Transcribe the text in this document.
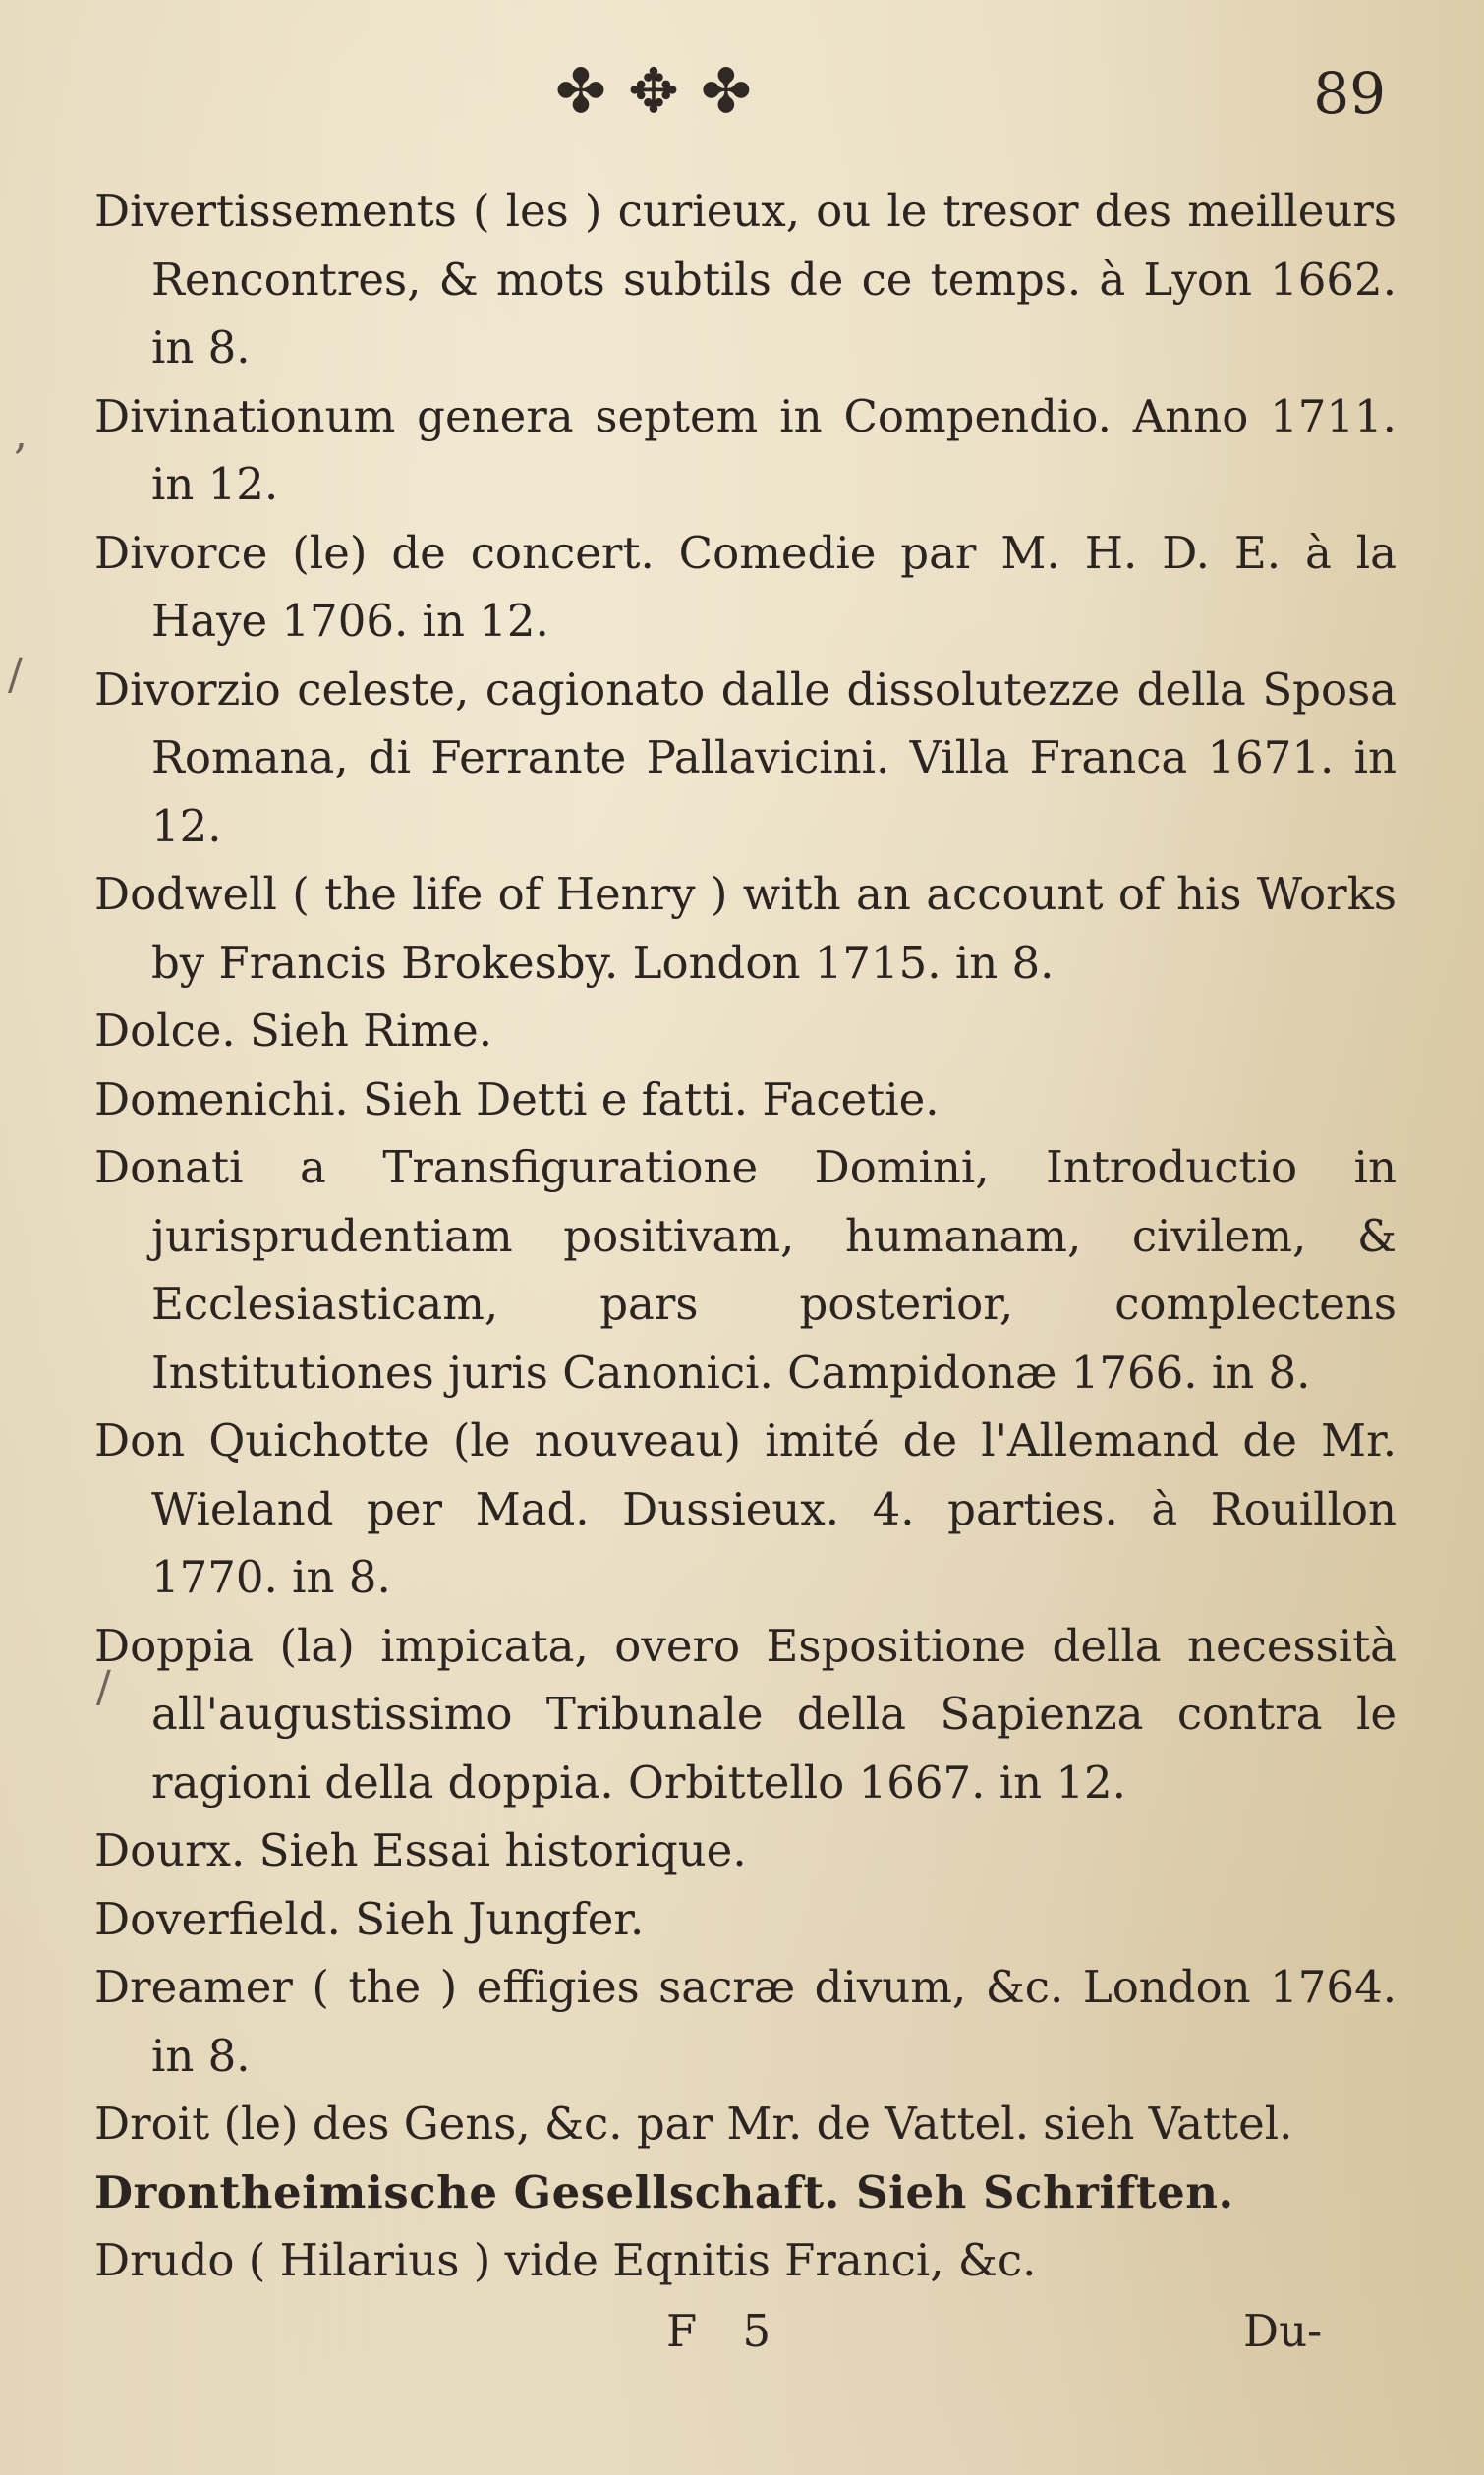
✤✥✤	89
Divertissements ( les ) curieux, ou le tresor des meilleurs Rencontres, & mots subtils de ce temps. à Lyon 1662. in 8.
Divinationum genera septem in Compendio. Anno 1711. in 12.
Divorce (le) de concert. Comedie par M. H. D. E. à la Haye 1706. in 12.
Divorzio celeste, cagionato dalle dissolutezze della Sposa Romana, di Ferrante Pallavicini. Villa Franca 1671. in 12.
Dodwell ( the life of Henry ) with an account of his Works by Francis Brokesby. London 1715. in 8.
Dolce. Sieh Rime.
Domenichi. Sieh Detti e fatti. Facetie.
Donati a Transfiguratione Domini, Introductio in jurisprudentiam positivam, humanam, civilem, & Ecclesiasticam, pars posterior, complectens Institutiones juris Canonici. Campidonæ 1766. in 8.
Don Quichotte (le nouveau) imité de l'Allemand de Mr. Wieland per Mad. Dussieux. 4. parties. à Rouillon 1770. in 8.
Doppia (la) impicata, overo Espositione della necessità all'augustissimo Tribunale della Sapienza contra le ragioni della doppia. Orbittello 1667. in 12.
Dourx. Sieh Essai historique.
Doverfield. Sieh Jungfer.
Dreamer ( the ) effigies sacræ divum, &c. London 1764. in 8.
Droit (le) des Gens, &c. par Mr. de Vattel. sieh Vattel.
Drontheimische Gesellschaft. Sieh Schriften.
Drudo ( Hilarius ) vide Eqnitis Franci, &c.
,
/
/
F 5	Du-
